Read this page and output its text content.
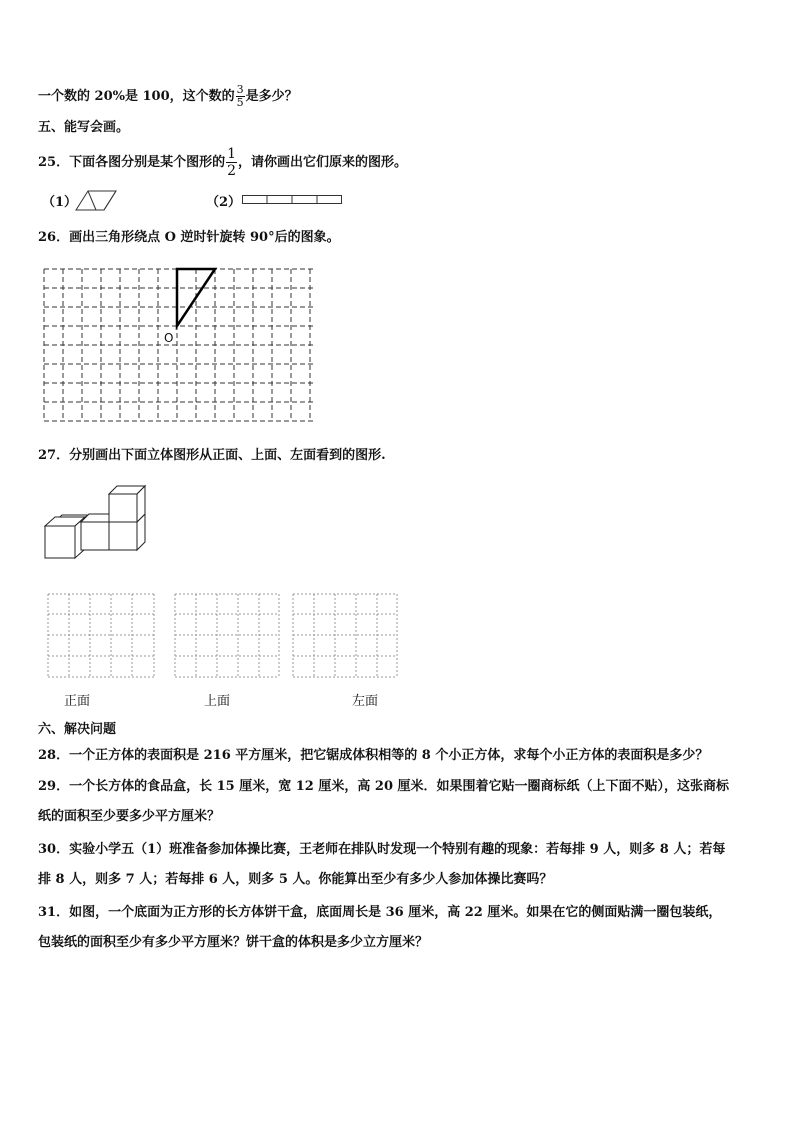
一个数的 20%是 100，这个数的 $\frac{3}{5}$ 是多少？
五、能写会画。
25．下面各图分别是某个图形的 $\frac{1}{2}$ ，请你画出它们原来的图形。
（1）	（2）
26．画出三角形绕点 O 逆时针旋转 90°后的图象。
O
27．分别画出下面立体图形从正面、上面、左面看到的图形.
正面	上面	左面
六、解决问题
28．一个正方体的表面积是 216 平方厘米，把它锯成体积相等的 8 个小正方体，求每个小正方体的表面积是多少？
29．一个长方体的食品盒，长 15 厘米，宽 12 厘米，高 20 厘米．如果围着它贴一圈商标纸（上下面不贴），这张商标
纸的面积至少要多少平方厘米？
30．实验小学五（1）班准备参加体操比赛，王老师在排队时发现一个特别有趣的现象：若每排 9 人，则多 8 人；若每
排 8 人，则多 7 人；若每排 6 人，则多 5 人。你能算出至少有多少人参加体操比赛吗？
31．如图，一个底面为正方形的长方体饼干盒，底面周长是 36 厘米，高 22 厘米。如果在它的侧面贴满一圈包装纸，
包装纸的面积至少有多少平方厘米？饼干盒的体积是多少立方厘米？
